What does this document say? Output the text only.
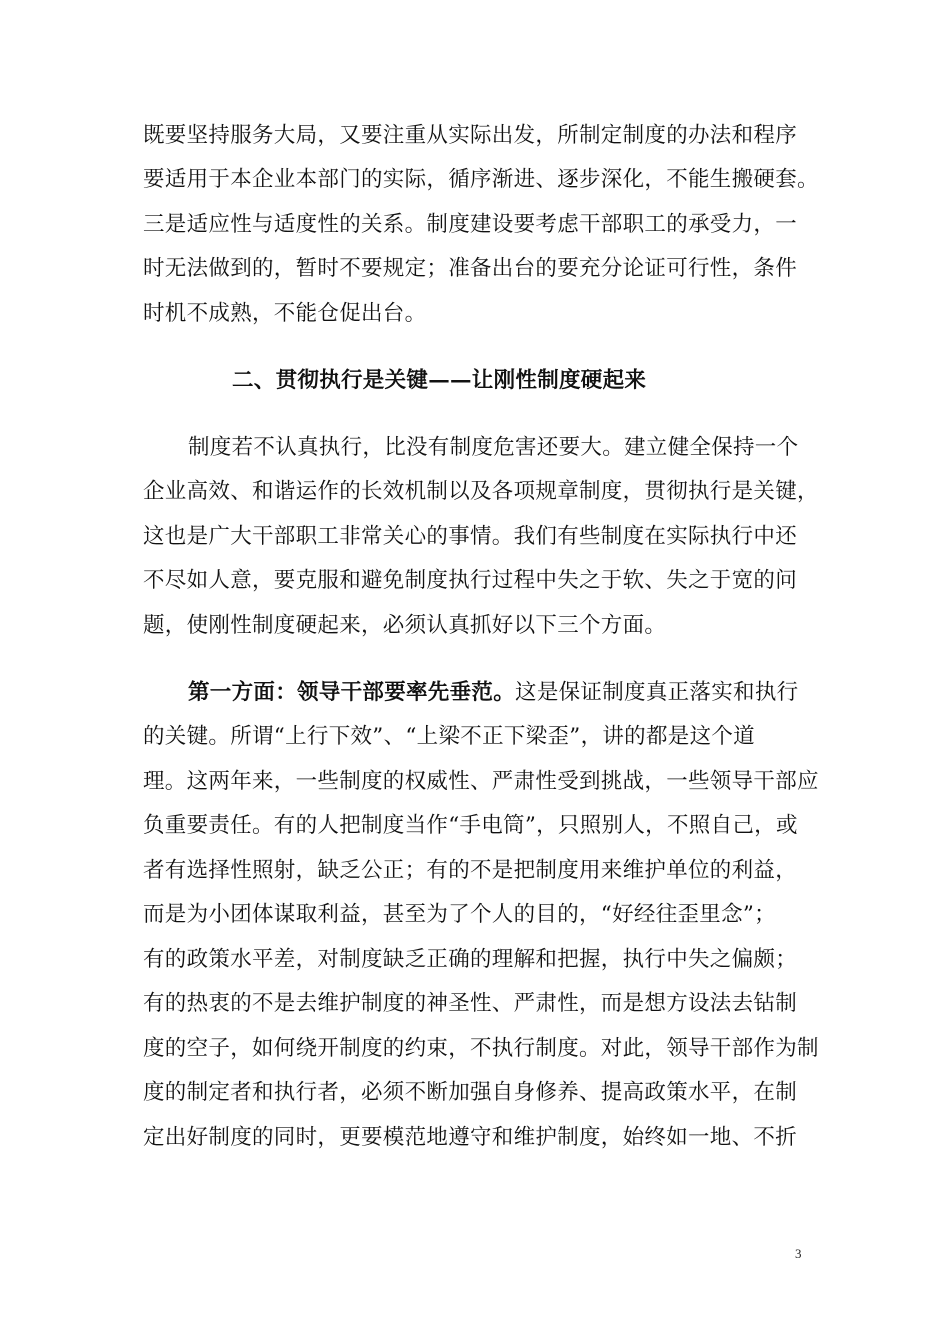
既要坚持服务大局，又要注重从实际出发，所制定制度的办法和程序
要适用于本企业本部门的实际，循序渐进、逐步深化，不能生搬硬套。
三是适应性与适度性的关系。制度建设要考虑干部职工的承受力，一
时无法做到的，暂时不要规定；准备出台的要充分论证可行性，条件
时机不成熟，不能仓促出台。
二、贯彻执行是关键——让刚性制度硬起来
制度若不认真执行，比没有制度危害还要大。建立健全保持一个
企业高效、和谐运作的长效机制以及各项规章制度，贯彻执行是关键，
这也是广大干部职工非常关心的事情。我们有些制度在实际执行中还
不尽如人意，要克服和避免制度执行过程中失之于软、失之于宽的问
题，使刚性制度硬起来，必须认真抓好以下三个方面。
第一方面：领导干部要率先垂范。这是保证制度真正落实和执行
的关键。所谓“上行下效”、“上梁不正下梁歪”，讲的都是这个道
理。这两年来，一些制度的权威性、严肃性受到挑战，一些领导干部应
负重要责任。有的人把制度当作“手电筒”，只照别人，不照自己，或
者有选择性照射，缺乏公正；有的不是把制度用来维护单位的利益，
而是为小团体谋取利益，甚至为了个人的目的，“好经往歪里念”；
有的政策水平差，对制度缺乏正确的理解和把握，执行中失之偏颇；
有的热衷的不是去维护制度的神圣性、严肃性，而是想方设法去钻制
度的空子，如何绕开制度的约束，不执行制度。对此，领导干部作为制
度的制定者和执行者，必须不断加强自身修养、提高政策水平，在制
定出好制度的同时，更要模范地遵守和维护制度，始终如一地、不折
3
